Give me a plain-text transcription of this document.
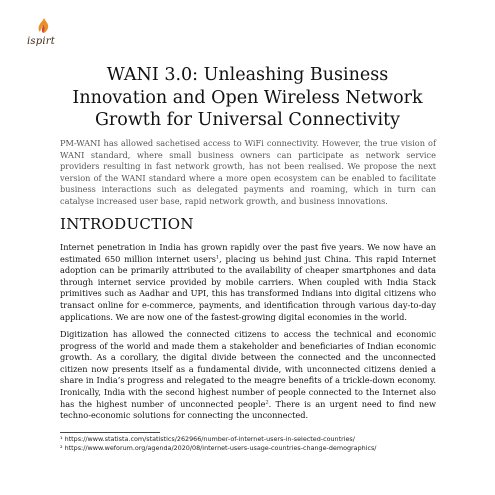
ispirt
WANI 3.0: Unleashing Business Innovation and Open Wireless Network Growth for Universal Connectivity
PM-WANI has allowed sachetised access to WiFi connectivity. However, the true vision of WANI standard, where small business owners can participate as network service providers resulting in fast network growth, has not been realised. We propose the next version of the WANI standard where a more open ecosystem can be enabled to facilitate business interactions such as delegated payments and roaming, which in turn can catalyse increased user base, rapid network growth, and business innovations.
INTRODUCTION
Internet penetration in India has grown rapidly over the past five years. We now have an estimated 650 million internet users$^1$, placing us behind just China. This rapid Internet adoption can be primarily attributed to the availability of cheaper smartphones and data through internet service provided by mobile carriers. When coupled with India Stack primitives such as Aadhar and UPI, this has transformed Indians into digital citizens who transact online for e-commerce, payments, and identification through various day-to-day applications. We are now one of the fastest-growing digital economies in the world.
Digitization has allowed the connected citizens to access the technical and economic progress of the world and made them a stakeholder and beneficiaries of Indian economic growth. As a corollary, the digital divide between the connected and the unconnected citizen now presents itself as a fundamental divide, with unconnected citizens denied a share in India’s progress and relegated to the meagre benefits of a trickle-down economy. Ironically, India with the second highest number of people connected to the Internet also has the highest number of unconnected people$^2$. There is an urgent need to find new techno-economic solutions for connecting the unconnected.
¹ https://www.statista.com/statistics/262966/number-of-internet-users-in-selected-countries/
² https://www.weforum.org/agenda/2020/08/internet-users-usage-countries-change-demographics/
